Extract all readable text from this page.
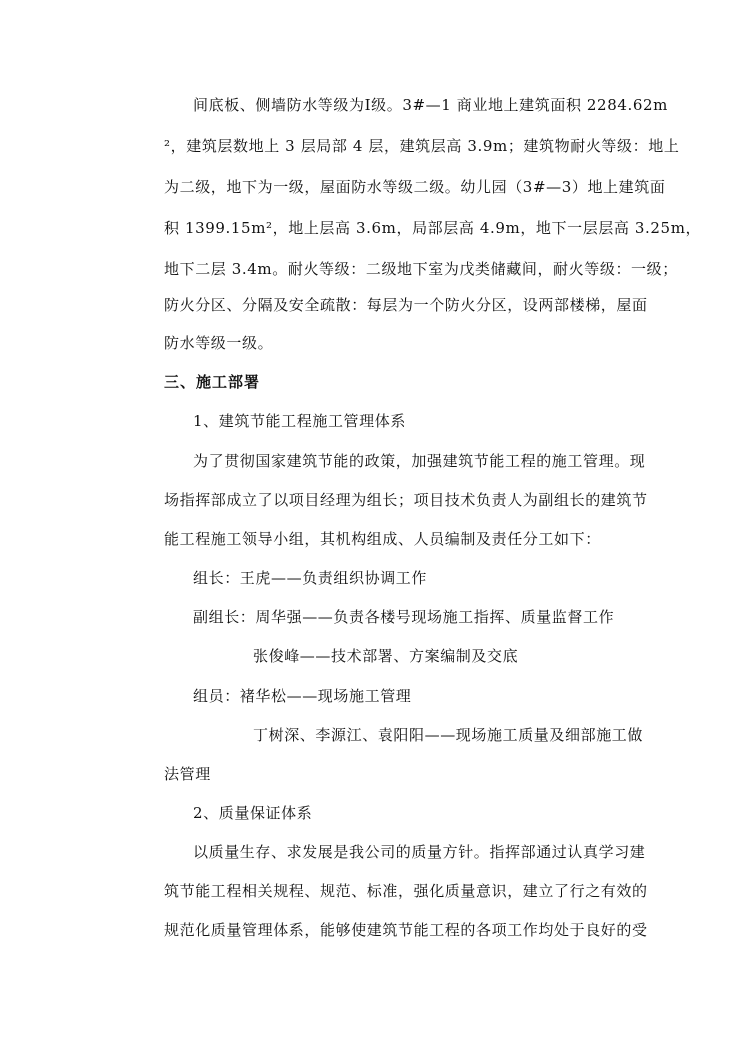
间底板、侧墙防水等级为Ⅰ级。3#—1 商业地上建筑面积 2284.62m
²，建筑层数地上 3 层局部 4 层，建筑层高 3.9m；建筑物耐火等级：地上
为二级，地下为一级，屋面防水等级二级。幼儿园（3#—3）地上建筑面
积 1399.15m²，地上层高 3.6m，局部层高 4.9m，地下一层层高 3.25m，
地下二层 3.4m。耐火等级：二级地下室为戊类储藏间，耐火等级：一级；
防火分区、分隔及安全疏散：每层为一个防火分区，设两部楼梯，屋面
防水等级一级。
三、施工部署
1、建筑节能工程施工管理体系
为了贯彻国家建筑节能的政策，加强建筑节能工程的施工管理。现
场指挥部成立了以项目经理为组长；项目技术负责人为副组长的建筑节
能工程施工领导小组，其机构组成、人员编制及责任分工如下：
组长：王虎——负责组织协调工作
副组长：周华强——负责各楼号现场施工指挥、质量监督工作
张俊峰——技术部署、方案编制及交底
组员：褚华松——现场施工管理
丁树深、李源江、袁阳阳——现场施工质量及细部施工做
法管理
2、质量保证体系
以质量生存、求发展是我公司的质量方针。指挥部通过认真学习建
筑节能工程相关规程、规范、标准，强化质量意识，建立了行之有效的
规范化质量管理体系，能够使建筑节能工程的各项工作均处于良好的受
